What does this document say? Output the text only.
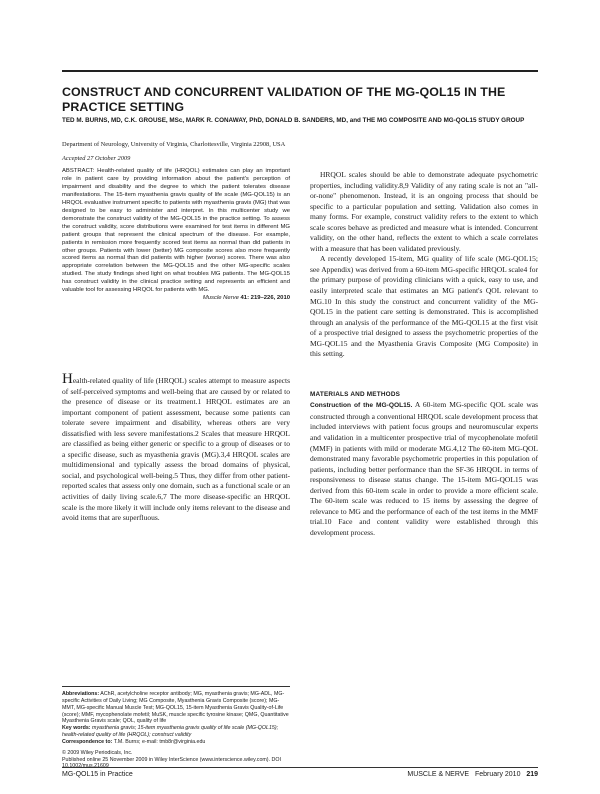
CONSTRUCT AND CONCURRENT VALIDATION OF THE MG-QOL15 IN THE PRACTICE SETTING

TED M. BURNS, MD, C.K. GROUSE, MSc, MARK R. CONAWAY, PhD, DONALD B. SANDERS, MD, and THE MG COMPOSITE AND MG-QOL15 STUDY GROUP

Department of Neurology, University of Virginia, Charlottesville, Virginia 22908, USA

Accepted 27 October 2009

ABSTRACT: Health-related quality of life (HRQOL) estimates can play an important role in patient care by providing information about the patient's perception of impairment and disability and the degree to which the patient tolerates disease manifestations. The 15-item myasthenia gravis quality of life scale (MG-QOL15) is an HRQOL evaluative instrument specific to patients with myasthenia gravis (MG) that was designed to be easy to administer and interpret. In this multicenter study we demonstrate the construct validity of the MG-QOL15 in the practice setting. To assess the construct validity, score distributions were examined for test items in different MG patient groups that represent the clinical spectrum of the disease. For example, patients in remission more frequently scored test items as normal than did patients in other groups. Patients with lower (better) MG composite scores also more frequently scored items as normal than did patients with higher (worse) scores. There was also appropriate correlation between the MG-QOL15 and the other MG-specific scales studied. The study findings shed light on what troubles MG patients. The MG-QOL15 has construct validity in the clinical practice setting and represents an efficient and valuable tool for assessing HRQOL for patients with MG.
Muscle Nerve 41: 219–226, 2010

Health-related quality of life (HRQOL) scales attempt to measure aspects of self-perceived symptoms and well-being that are caused by or related to the presence of disease or its treatment.1 HRQOL estimates are an important component of patient assessment, because some patients can tolerate severe impairment and disability, whereas others are very dissatisfied with less severe manifestations.2 Scales that measure HRQOL are classified as being either generic or specific to a group of diseases or to a specific disease, such as myasthenia gravis (MG).3,4 HRQOL scales are multidimensional and typically assess the broad domains of physical, social, and psychological well-being.5 Thus, they differ from other patient-reported scales that assess only one domain, such as a functional scale or an activities of daily living scale.6,7 The more disease-specific an HRQOL scale is the more likely it will include only items relevant to the disease and avoid items that are superfluous.

HRQOL scales should be able to demonstrate adequate psychometric properties, including validity.8,9 Validity of any rating scale is not an "all-or-none" phenomenon. Instead, it is an ongoing process that should be specific to a particular population and setting. Validation also comes in many forms. For example, construct validity refers to the extent to which scale scores behave as predicted and measure what is intended. Concurrent validity, on the other hand, reflects the extent to which a scale correlates with a measure that has been validated previously.

A recently developed 15-item, MG quality of life scale (MG-QOL15; see Appendix) was derived from a 60-item MG-specific HRQOL scale4 for the primary purpose of providing clinicians with a quick, easy to use, and easily interpreted scale that estimates an MG patient's QOL relevant to MG.10 In this study the construct and concurrent validity of the MG-QOL15 in the patient care setting is demonstrated. This is accomplished through an analysis of the performance of the MG-QOL15 at the first visit of a prospective trial designed to assess the psychometric properties of the MG-QOL15 and the Myasthenia Gravis Composite (MG Composite) in this setting.

MATERIALS AND METHODS

Construction of the MG-QOL15. A 60-item MG-specific QOL scale was constructed through a conventional HRQOL scale development process that included interviews with patient focus groups and neuromuscular experts and validation in a multicenter prospective trial of mycophenolate mofetil (MMF) in patients with mild or moderate MG.4,12 The 60-item MG-QOL demonstrated many favorable psychometric properties in this population of patients, including better performance than the SF-36 HRQOL in terms of responsiveness to disease status change. The 15-item MG-QOL15 was derived from this 60-item scale in order to provide a more efficient scale. The 60-item scale was reduced to 15 items by assessing the degree of relevance to MG and the performance of each of the test items in the MMF trial.10 Face and content validity were established through this development process.

Abbreviations: AChR, acetylcholine receptor antibody; MG, myasthenia gravis; MG-ADL, MG-specific Activities of Daily Living; MG Composite, Myasthenia Gravis Composite (score); MG-MMT, MG-specific Manual Muscle Test; MG-QOL15, 15-item Myasthenia Gravis Quality-of-Life (score); MMF, mycophenolate mofetil; MuSK, muscle specific tyrosine kinase; QMG, Quantitative Myasthenia Gravis scale; QOL, quality of life

Key words: myasthenia gravis; 15-item myasthenia gravis quality of life scale (MG-QOL15); health-related quality of life (HRQOL); construct validity

Correspondence to: T.M. Burns; e-mail: tmb8r@virginia.edu

© 2009 Wiley Periodicals, Inc.

Published online 25 November 2009 in Wiley InterScience (www.interscience.wiley.com). DOI

MG-QOL15 in Practice	MUSCLE & NERVE February 2010 219
